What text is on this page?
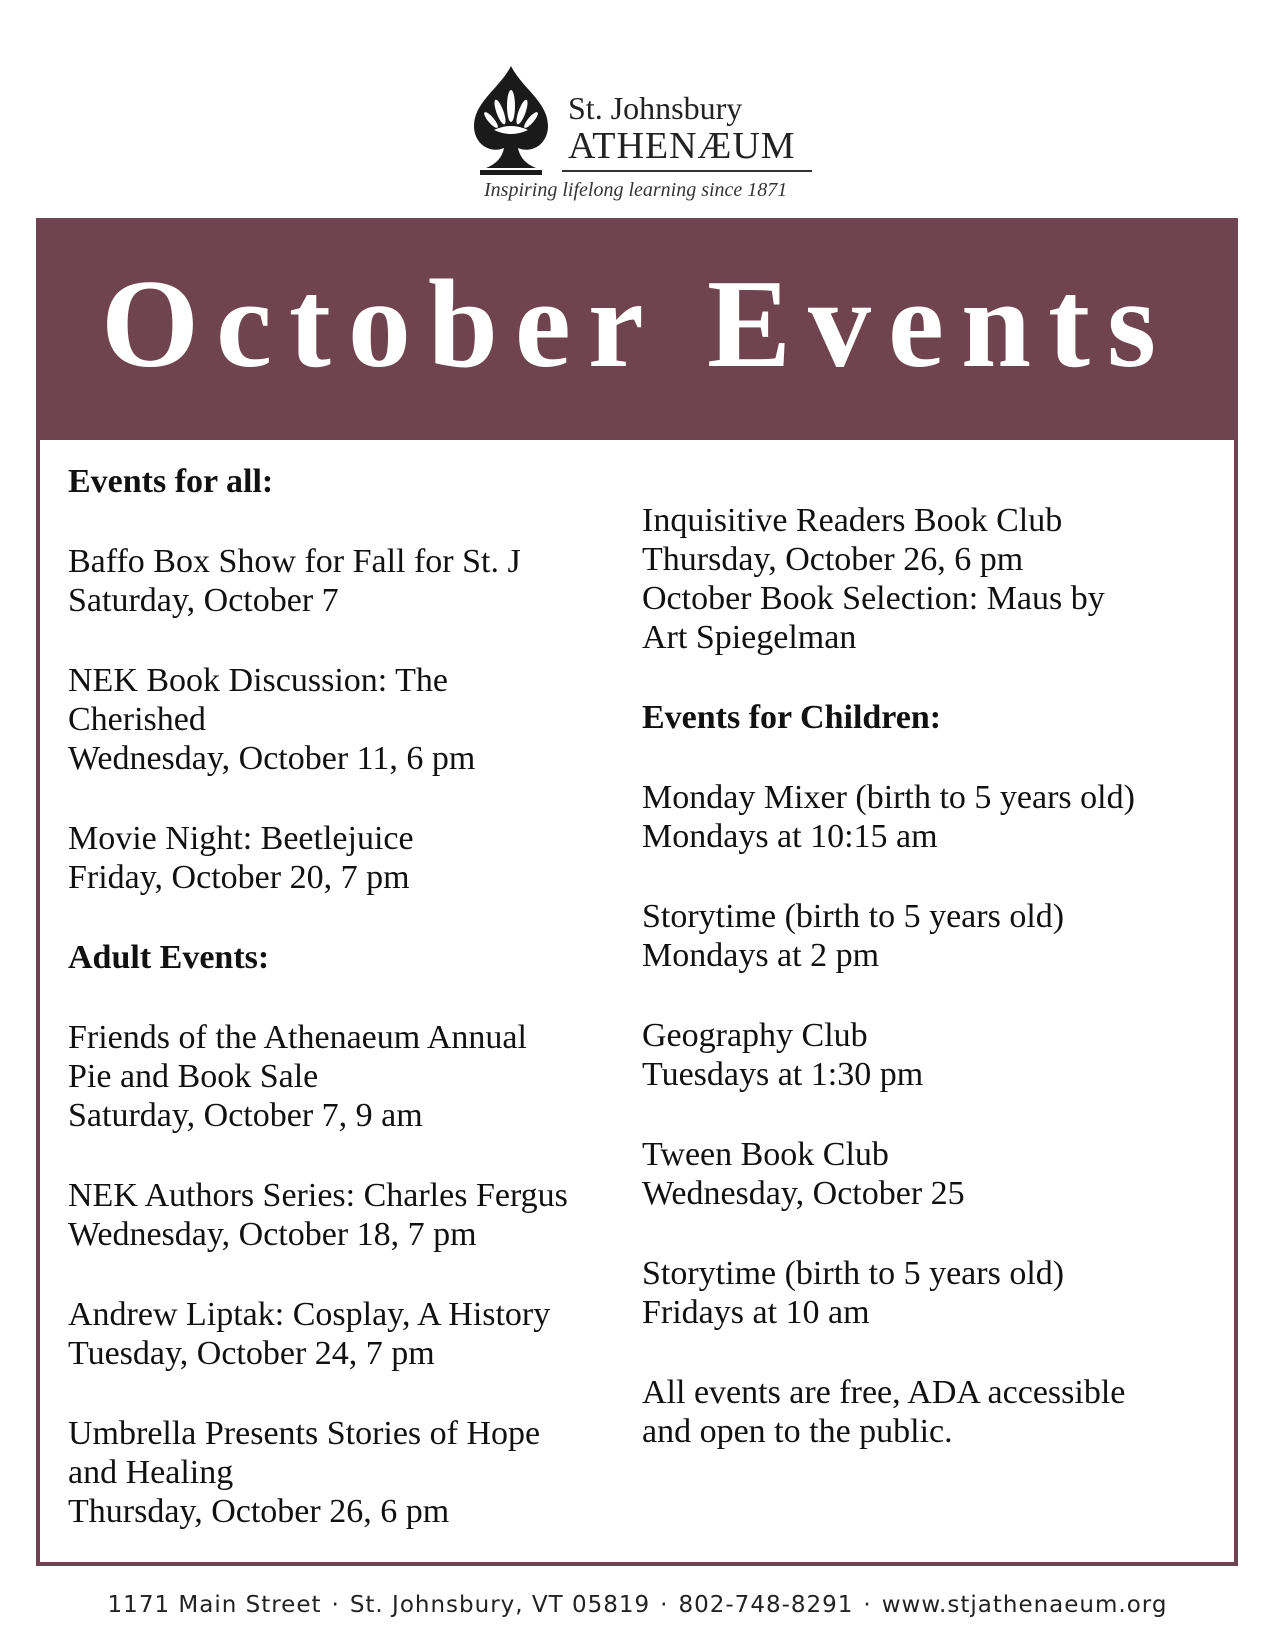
St. Johnsbury
ATHENÆUM
Inspiring lifelong learning since 1871
October Events
Events for all:
Baffo Box Show for Fall for St. J
Saturday, October 7
NEK Book Discussion: The
Cherished
Wednesday, October 11, 6 pm
Movie Night: Beetlejuice
Friday, October 20, 7 pm
Adult Events:
Friends of the Athenaeum Annual
Pie and Book Sale
Saturday, October 7, 9 am
NEK Authors Series: Charles Fergus
Wednesday, October 18, 7 pm
Andrew Liptak: Cosplay, A History
Tuesday, October 24, 7 pm
Umbrella Presents Stories of Hope
and Healing
Thursday, October 26, 6 pm
Inquisitive Readers Book Club
Thursday, October 26, 6 pm
October Book Selection: Maus by
Art Spiegelman
Events for Children:
Monday Mixer (birth to 5 years old)
Mondays at 10:15 am
Storytime (birth to 5 years old)
Mondays at 2 pm
Geography Club
Tuesdays at 1:30 pm
Tween Book Club
Wednesday, October 25
Storytime (birth to 5 years old)
Fridays at 10 am
All events are free, ADA accessible
and open to the public.
1171 Main Street · St. Johnsbury, VT 05819 · 802-748-8291 · www.stjathenaeum.org
